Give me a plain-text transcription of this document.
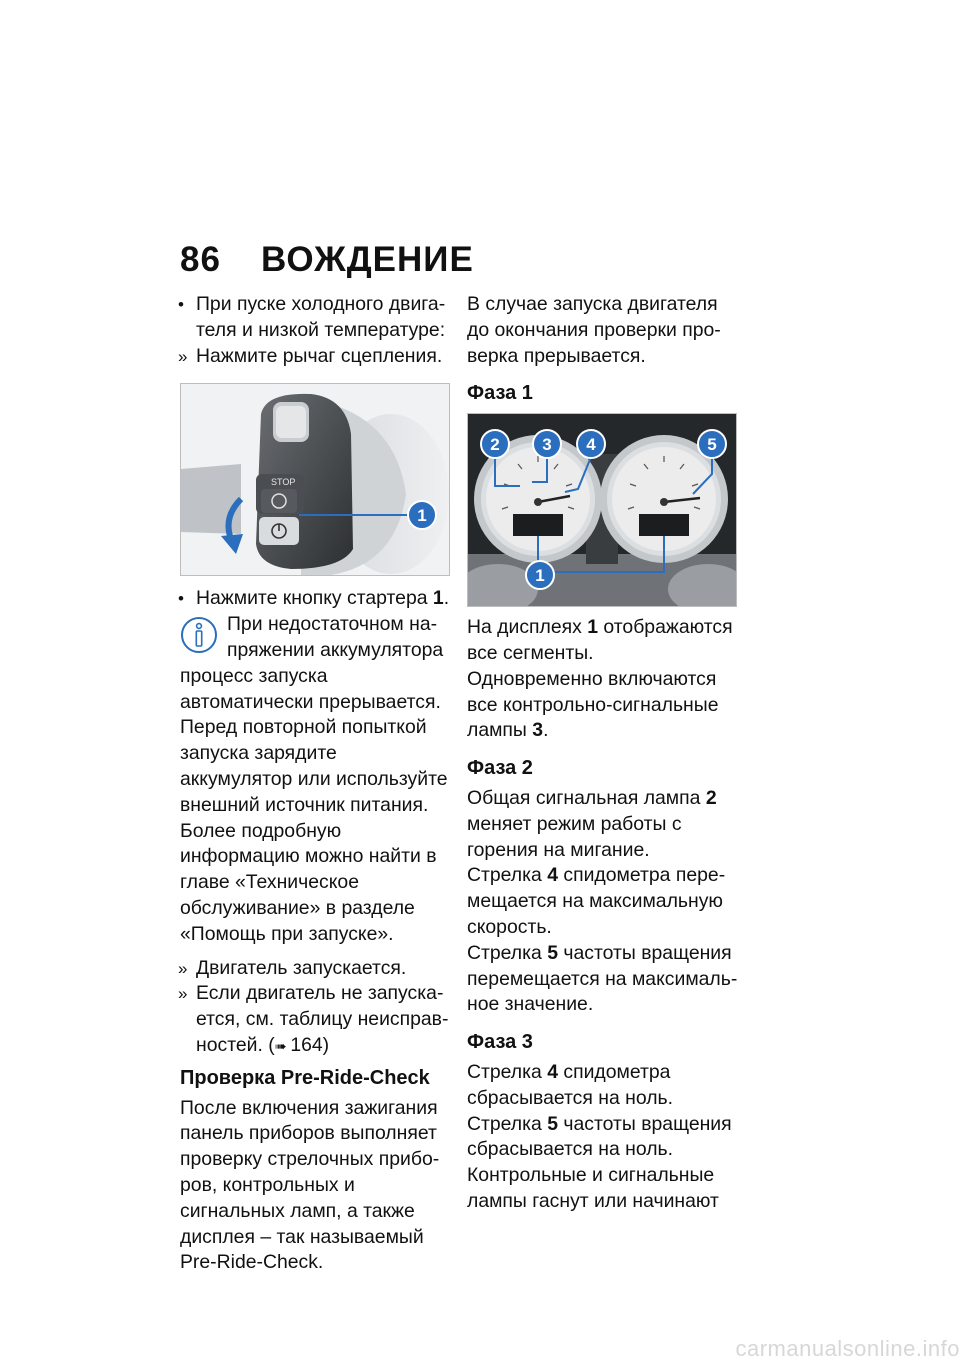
86 ВОЖДЕНИЕ

• При пуске холодного двигателя и низкой температуре:

» Нажмите рычаг сцепления.

STOP
1

• Нажмите кнопку стартера 1.

При недостаточном напряжении аккумулятора

процесс запуска автоматически прерывается. Перед повторной попыткой запуска зарядите аккумулятор или используйте внешний источник питания. Более подробную информацию можно найти в главе «Техническое обслуживание» в разделе «Помощь при запуске».

» Двигатель запускается.

» Если двигатель не запускается, см. таблицу неисправностей. (➠ 164)

Проверка Pre-Ride-Check

После включения зажигания панель приборов выполняет проверку стрелочных приборов, контрольных и сигнальных ламп, а также дисплея – так называемый Pre-Ride-Check.

В случае запуска двигателя до окончания проверки проверка прерывается.

Фаза 1
1
2	3 4	5

На дисплеях 1 отображаются все сегменты.

Одновременно включаются все контрольно-сигнальные лампы 3.

Фаза 2

Общая сигнальная лампа 2 меняет режим работы с горения на мигание.

Стрелка 4 спидометра перемещается на максимальную скорость.

Стрелка 5 частоты вращения перемещается на максимальное значение.

Фаза 3

Стрелка 4 спидометра сбрасывается на ноль.

Стрелка 5 частоты вращения сбрасывается на ноль.

Контрольные и сигнальные лампы гаснут или начинают

carmanualsonline.info
